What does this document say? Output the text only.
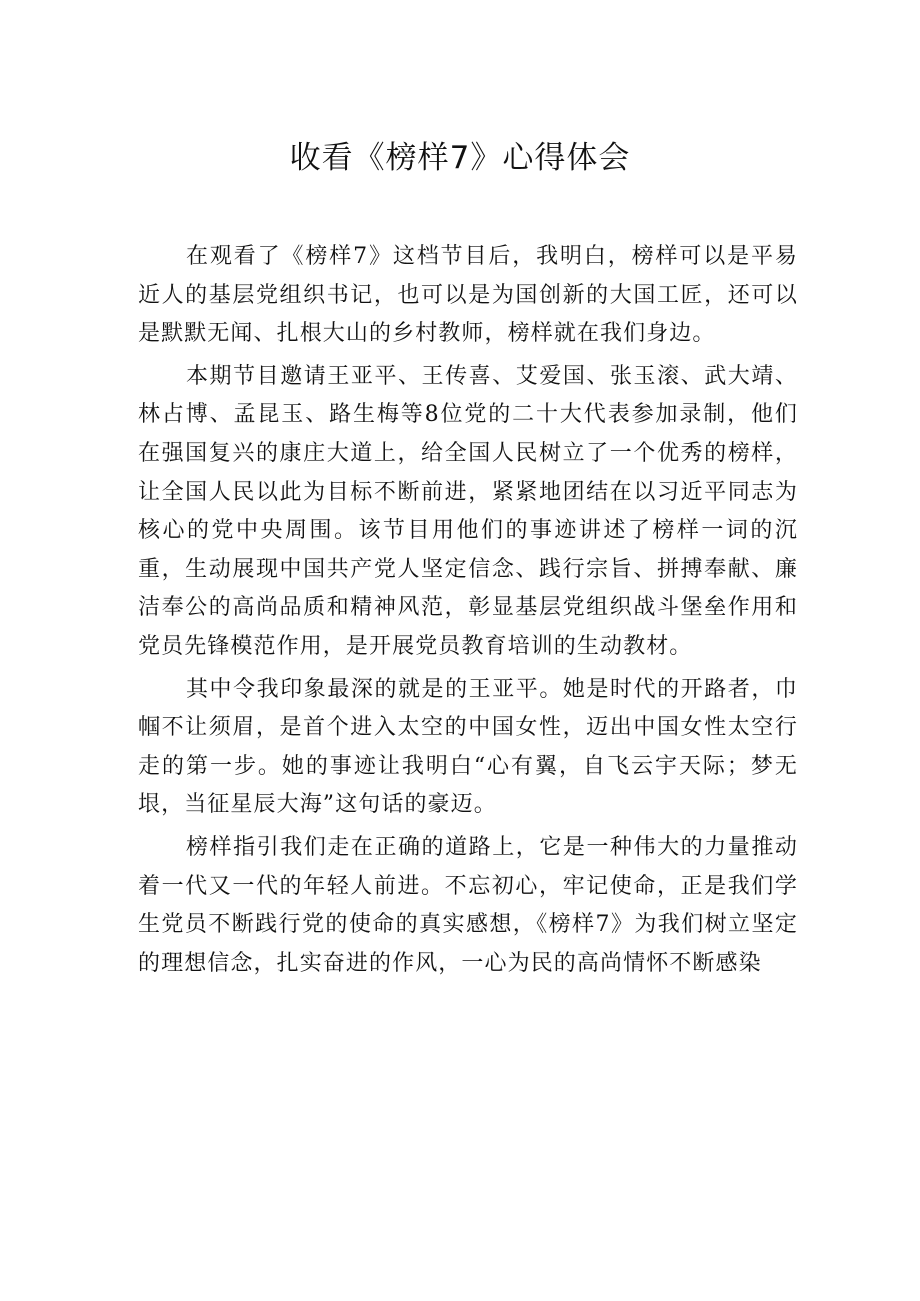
收看《榜样7》心得体会

在观看了《榜样7》这档节目后，我明白，榜样可以是平易近人的基层党组织书记，也可以是为国创新的大国工匠，还可以是默默无闻、扎根大山的乡村教师，榜样就在我们身边。

本期节目邀请王亚平、王传喜、艾爱国、张玉滚、武大靖、林占博、孟昆玉、路生梅等8位党的二十大代表参加录制，他们在强国复兴的康庄大道上，给全国人民树立了一个优秀的榜样，让全国人民以此为目标不断前进，紧紧地团结在以习近平同志为核心的党中央周围。该节目用他们的事迹讲述了榜样一词的沉重，生动展现中国共产党人坚定信念、践行宗旨、拼搏奉献、廉洁奉公的高尚品质和精神风范，彰显基层党组织战斗堡垒作用和党员先锋模范作用，是开展党员教育培训的生动教材。

其中令我印象最深的就是的王亚平。她是时代的开路者，巾帼不让须眉，是首个进入太空的中国女性，迈出中国女性太空行走的第一步。她的事迹让我明白“心有翼，自飞云宇天际；梦无垠，当征星辰大海”这句话的豪迈。

榜样指引我们走在正确的道路上，它是一种伟大的力量推动着一代又一代的年轻人前进。不忘初心，牢记使命，正是我们学生党员不断践行党的使命的真实感想，《榜样7》为我们树立坚定的理想信念，扎实奋进的作风，一心为民的高尚情怀不断感染
